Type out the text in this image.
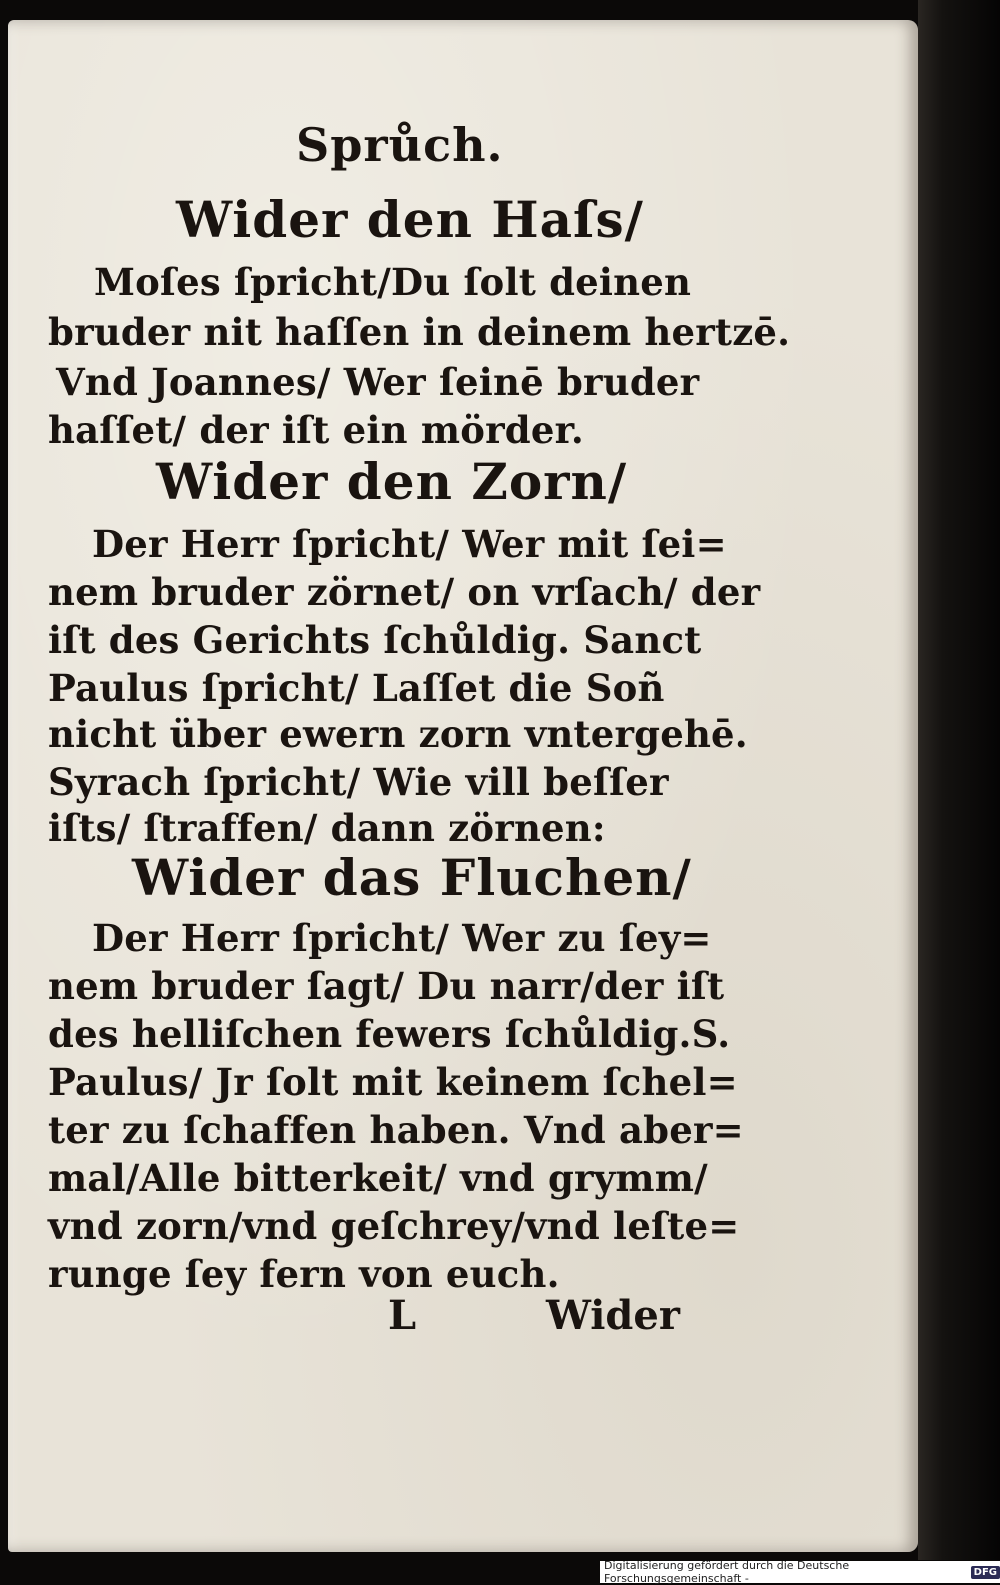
Sprůch.
Wider den Haſs/
Moſes ſpricht/Du ſolt deinen
bruder nit haſſen in deinem hertzē.
Vnd Joannes/ Wer ſeinē bruder
haſſet/ der iſt ein mörder.
Wider den Zorn/
Der Herr ſpricht/ Wer mit ſei=
nem bruder zörnet/ on vrſach/ der
iſt des Gerichts ſchůldig. Sanct
Paulus ſpricht/ Laſſet die Soñ
nicht über ewern zorn vntergehē.
Syrach ſpricht/ Wie vill beſſer
iſts/ ſtraffen/ dann zörnen:
Wider das Fluchen/
Der Herr ſpricht/ Wer zu ſey=
nem bruder ſagt/ Du narr/der iſt
des helliſchen fewers ſchůldig.S.
Paulus/ Jr ſolt mit keinem ſchel=
ter zu ſchaffen haben. Vnd aber=
mal/Alle bitterkeit/ vnd grymm/
vnd zorn/vnd geſchrey/vnd leſte=
runge ſey fern von euch.
L	Wider
Digitalisierung gefördert durch die Deutsche Forschungsgemeinschaft -	DFG
